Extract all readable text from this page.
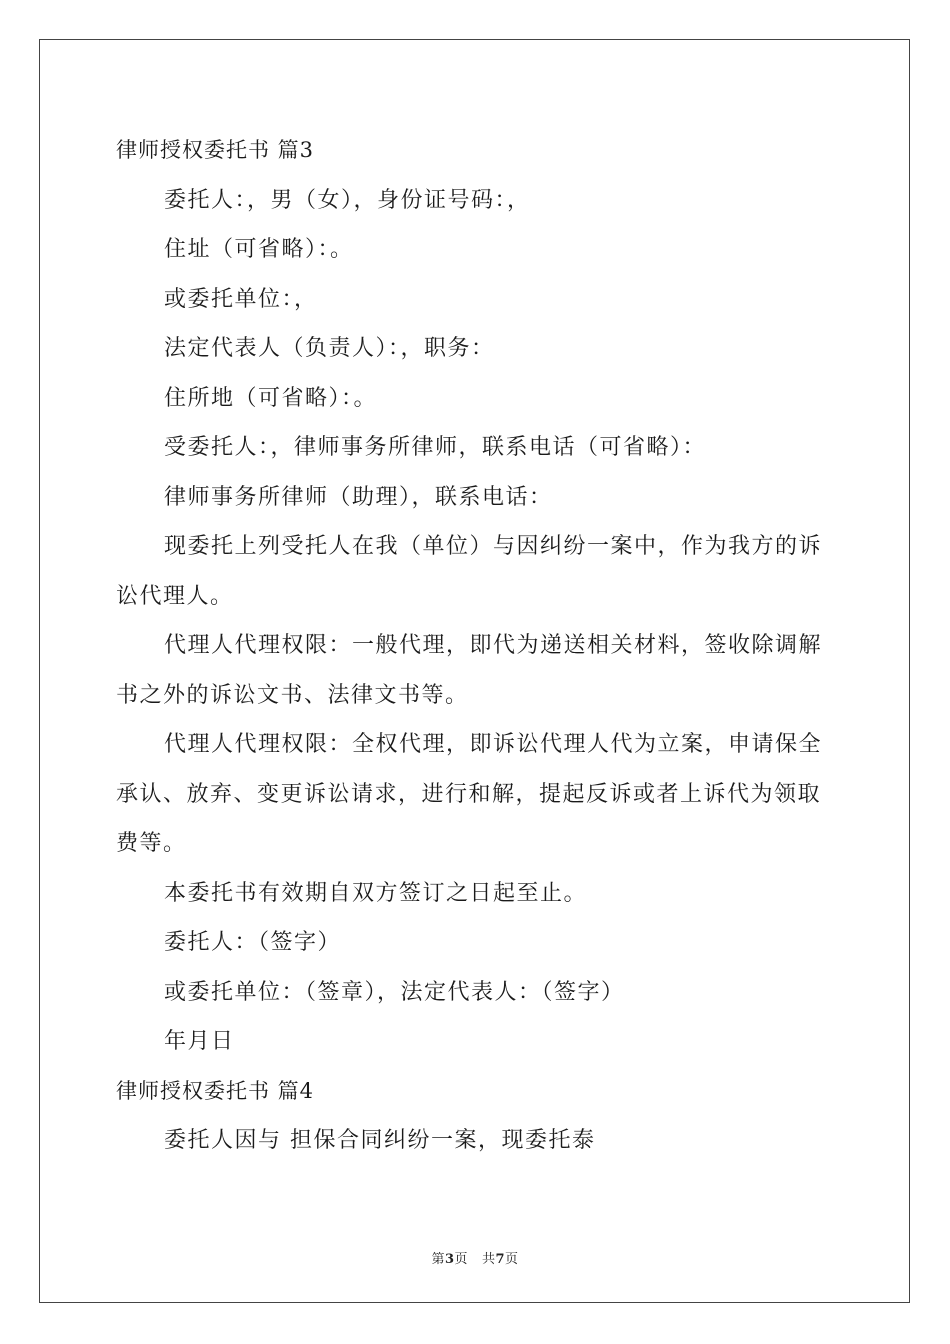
律师授权委托书 篇3
委托人：，男（女），身份证号码：，
住址（可省略）：。
或委托单位：，
法定代表人（负责人）：，职务：
住所地（可省略）：。
受委托人：，律师事务所律师，联系电话（可省略）：
律师事务所律师（助理），联系电话：
现委托上列受托人在我（单位）与因纠纷一案中，作为我方的诉
讼代理人。
代理人代理权限：一般代理，即代为递送相关材料，签收除调解
书之外的诉讼文书、法律文书等。
代理人代理权限：全权代理，即诉讼代理人代为立案，申请保全
承认、放弃、变更诉讼请求，进行和解，提起反诉或者上诉代为领取
费等。
本委托书有效期自双方签订之日起至止。
委托人：（签字）
或委托单位：（签章），法定代表人：（签字）
年月日
律师授权委托书 篇4
委托人因与 担保合同纠纷一案，现委托泰
第3页   共7页
